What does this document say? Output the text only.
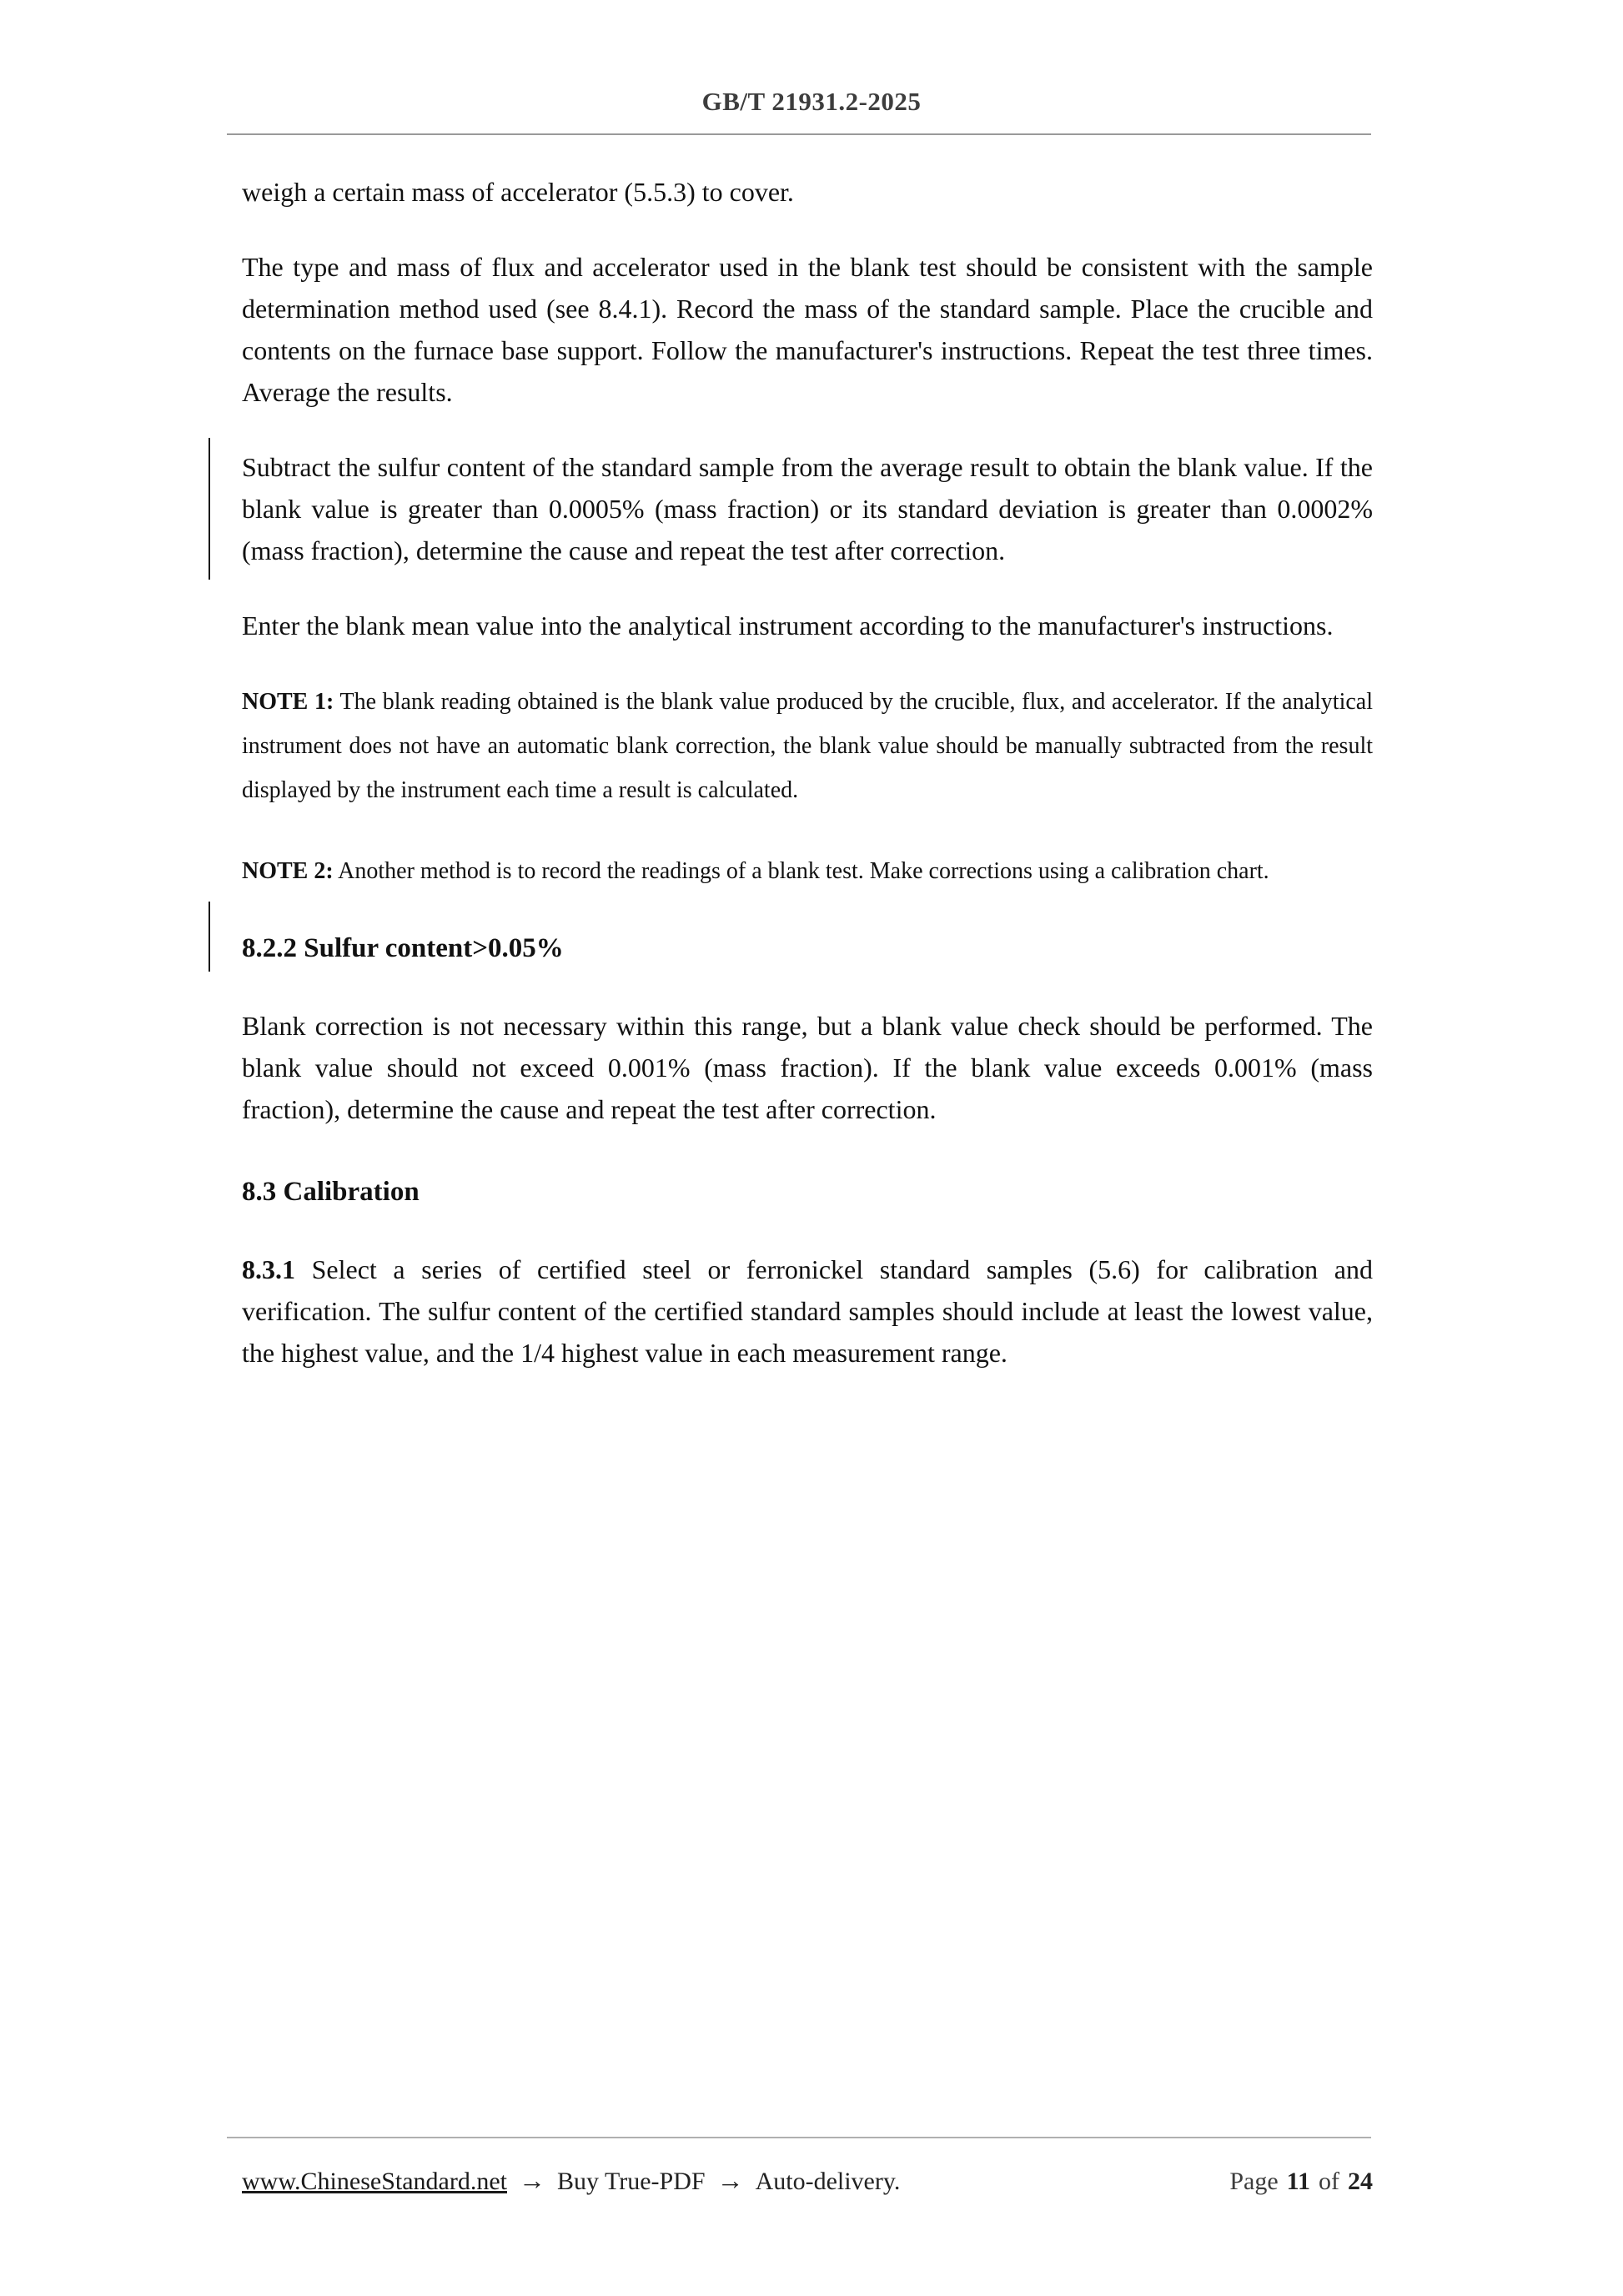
GB/T 21931.2-2025

weigh a certain mass of accelerator (5.5.3) to cover.

The type and mass of flux and accelerator used in the blank test should be consistent with the sample determination method used (see 8.4.1). Record the mass of the standard sample. Place the crucible and contents on the furnace base support. Follow the manufacturer's instructions. Repeat the test three times. Average the results.

Subtract the sulfur content of the standard sample from the average result to obtain the blank value. If the blank value is greater than 0.0005% (mass fraction) or its standard deviation is greater than 0.0002% (mass fraction), determine the cause and repeat the test after correction.

Enter the blank mean value into the analytical instrument according to the manufacturer's instructions.

NOTE 1: The blank reading obtained is the blank value produced by the crucible, flux, and accelerator. If the analytical instrument does not have an automatic blank correction, the blank value should be manually subtracted from the result displayed by the instrument each time a result is calculated.

NOTE 2: Another method is to record the readings of a blank test. Make corrections using a calibration chart.

8.2.2 Sulfur content>0.05%

Blank correction is not necessary within this range, but a blank value check should be performed. The blank value should not exceed 0.001% (mass fraction). If the blank value exceeds 0.001% (mass fraction), determine the cause and repeat the test after correction.

8.3 Calibration

8.3.1 Select a series of certified steel or ferronickel standard samples (5.6) for calibration and verification. The sulfur content of the certified standard samples should include at least the lowest value, the highest value, and the 1/4 highest value in each measurement range.

www.ChineseStandard.net → Buy True-PDF → Auto-delivery.	Page 11 of 24
